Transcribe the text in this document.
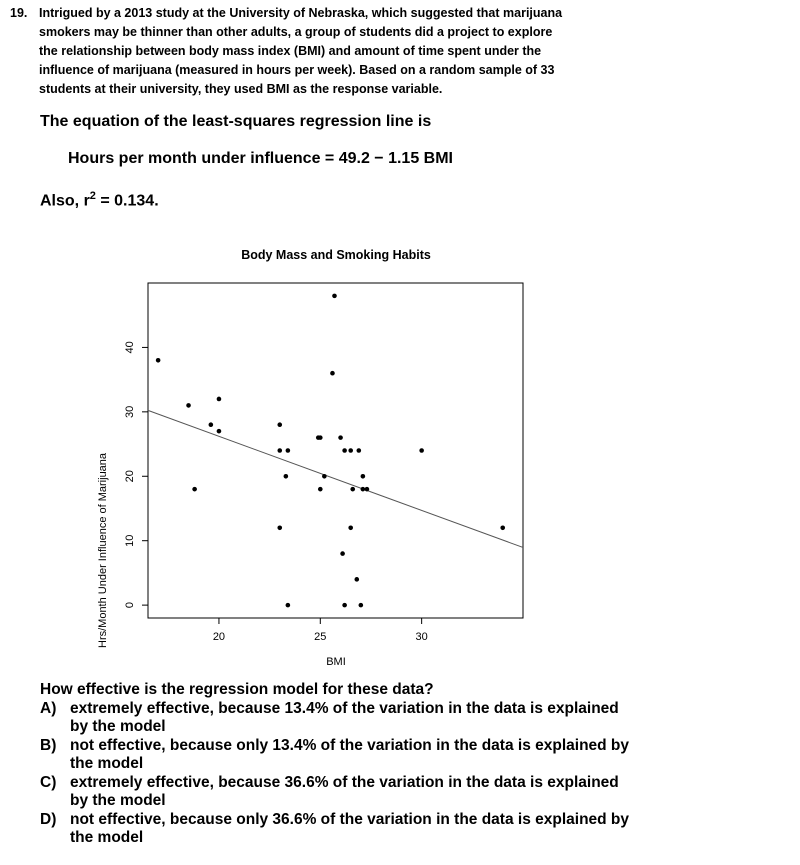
19. Intrigued by a 2013 study at the University of Nebraska, which suggested that marijuana
smokers may be thinner than other adults, a group of students did a project to explore
the relationship between body mass index (BMI) and amount of time spent under the
influence of marijuana (measured in hours per week). Based on a random sample of 33
students at their university, they used BMI as the response variable.
The equation of the least-squares regression line is
Hours per month under influence = 49.2 − 1.15 BMI
Also, $r^2 = 0.134$.
Body Mass and Smoking Habits
20	25	30
0
10
20
30
40
BMI
Hrs/Month Under Influence of Marijuana
How effective is the regression model for these data?
A) extremely effective, because 13.4% of the variation in the data is explained by the model
B) not effective, because only 13.4% of the variation in the data is explained by the model
C) extremely effective, because 36.6% of the variation in the data is explained by the model
D) not effective, because only 36.6% of the variation in the data is explained by the model
